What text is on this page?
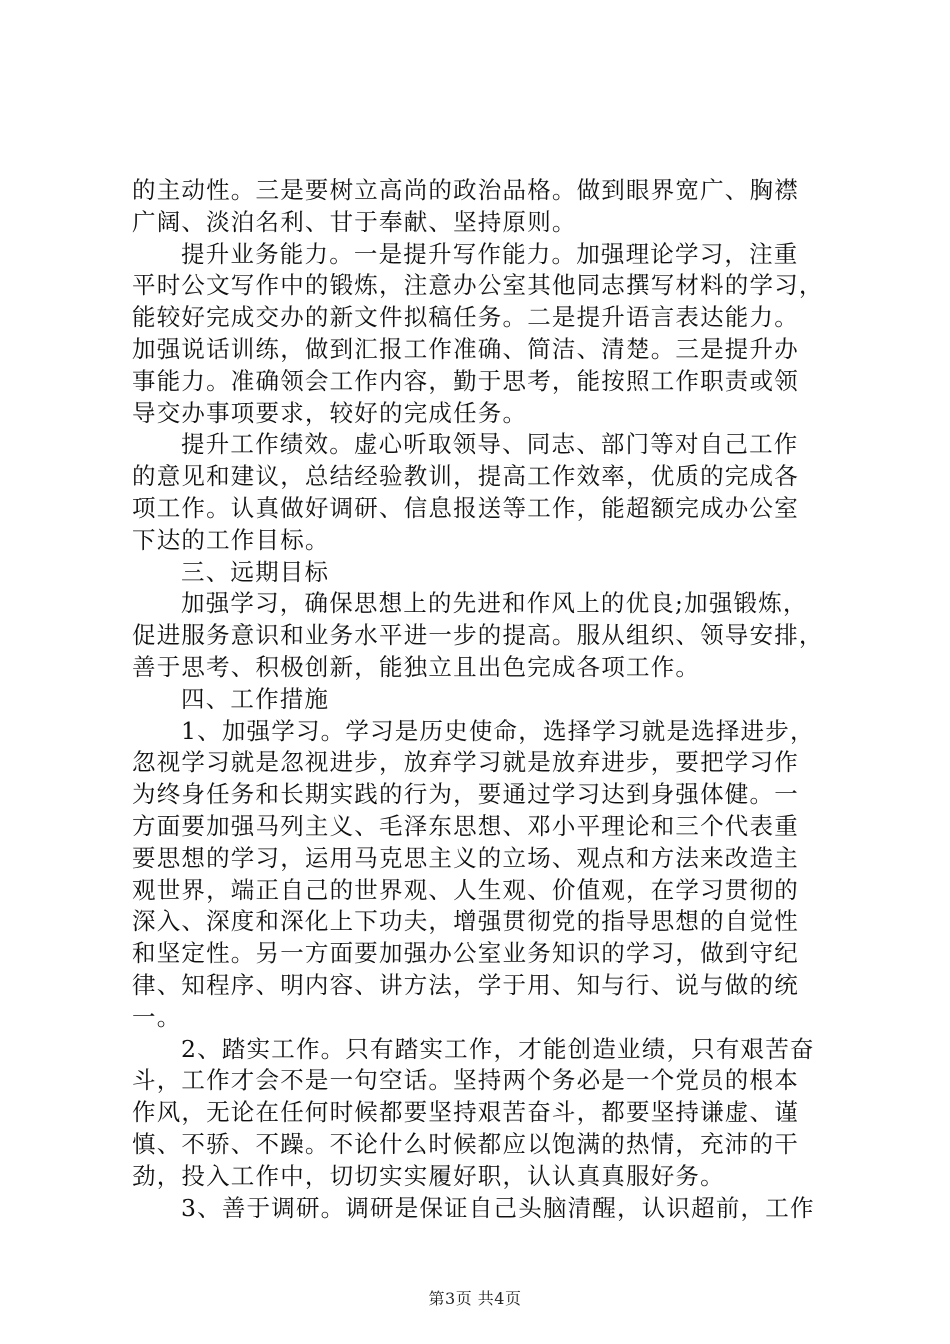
的主动性。三是要树立高尚的政治品格。做到眼界宽广、胸襟
广阔、淡泊名利、甘于奉献、坚持原则。
提升业务能力。一是提升写作能力。加强理论学习，注重
平时公文写作中的锻炼，注意办公室其他同志撰写材料的学习，
能较好完成交办的新文件拟稿任务。二是提升语言表达能力。
加强说话训练，做到汇报工作准确、简洁、清楚。三是提升办
事能力。准确领会工作内容，勤于思考，能按照工作职责或领
导交办事项要求，较好的完成任务。
提升工作绩效。虚心听取领导、同志、部门等对自己工作
的意见和建议，总结经验教训，提高工作效率，优质的完成各
项工作。认真做好调研、信息报送等工作，能超额完成办公室
下达的工作目标。
三、远期目标
加强学习，确保思想上的先进和作风上的优良;加强锻炼，
促进服务意识和业务水平进一步的提高。服从组织、领导安排，
善于思考、积极创新，能独立且出色完成各项工作。
四、工作措施
1、加强学习。学习是历史使命，选择学习就是选择进步，
忽视学习就是忽视进步，放弃学习就是放弃进步，要把学习作
为终身任务和长期实践的行为，要通过学习达到身强体健。一
方面要加强马列主义、毛泽东思想、邓小平理论和三个代表重
要思想的学习，运用马克思主义的立场、观点和方法来改造主
观世界，端正自己的世界观、人生观、价值观，在学习贯彻的
深入、深度和深化上下功夫，增强贯彻党的指导思想的自觉性
和坚定性。另一方面要加强办公室业务知识的学习，做到守纪
律、知程序、明内容、讲方法，学于用、知与行、说与做的统
一。
2、踏实工作。只有踏实工作，才能创造业绩，只有艰苦奋
斗，工作才会不是一句空话。坚持两个务必是一个党员的根本
作风，无论在任何时候都要坚持艰苦奋斗，都要坚持谦虚、谨
慎、不骄、不躁。不论什么时候都应以饱满的热情，充沛的干
劲，投入工作中，切切实实履好职，认认真真服好务。
3、善于调研。调研是保证自己头脑清醒，认识超前，工作
第3页 共4页
